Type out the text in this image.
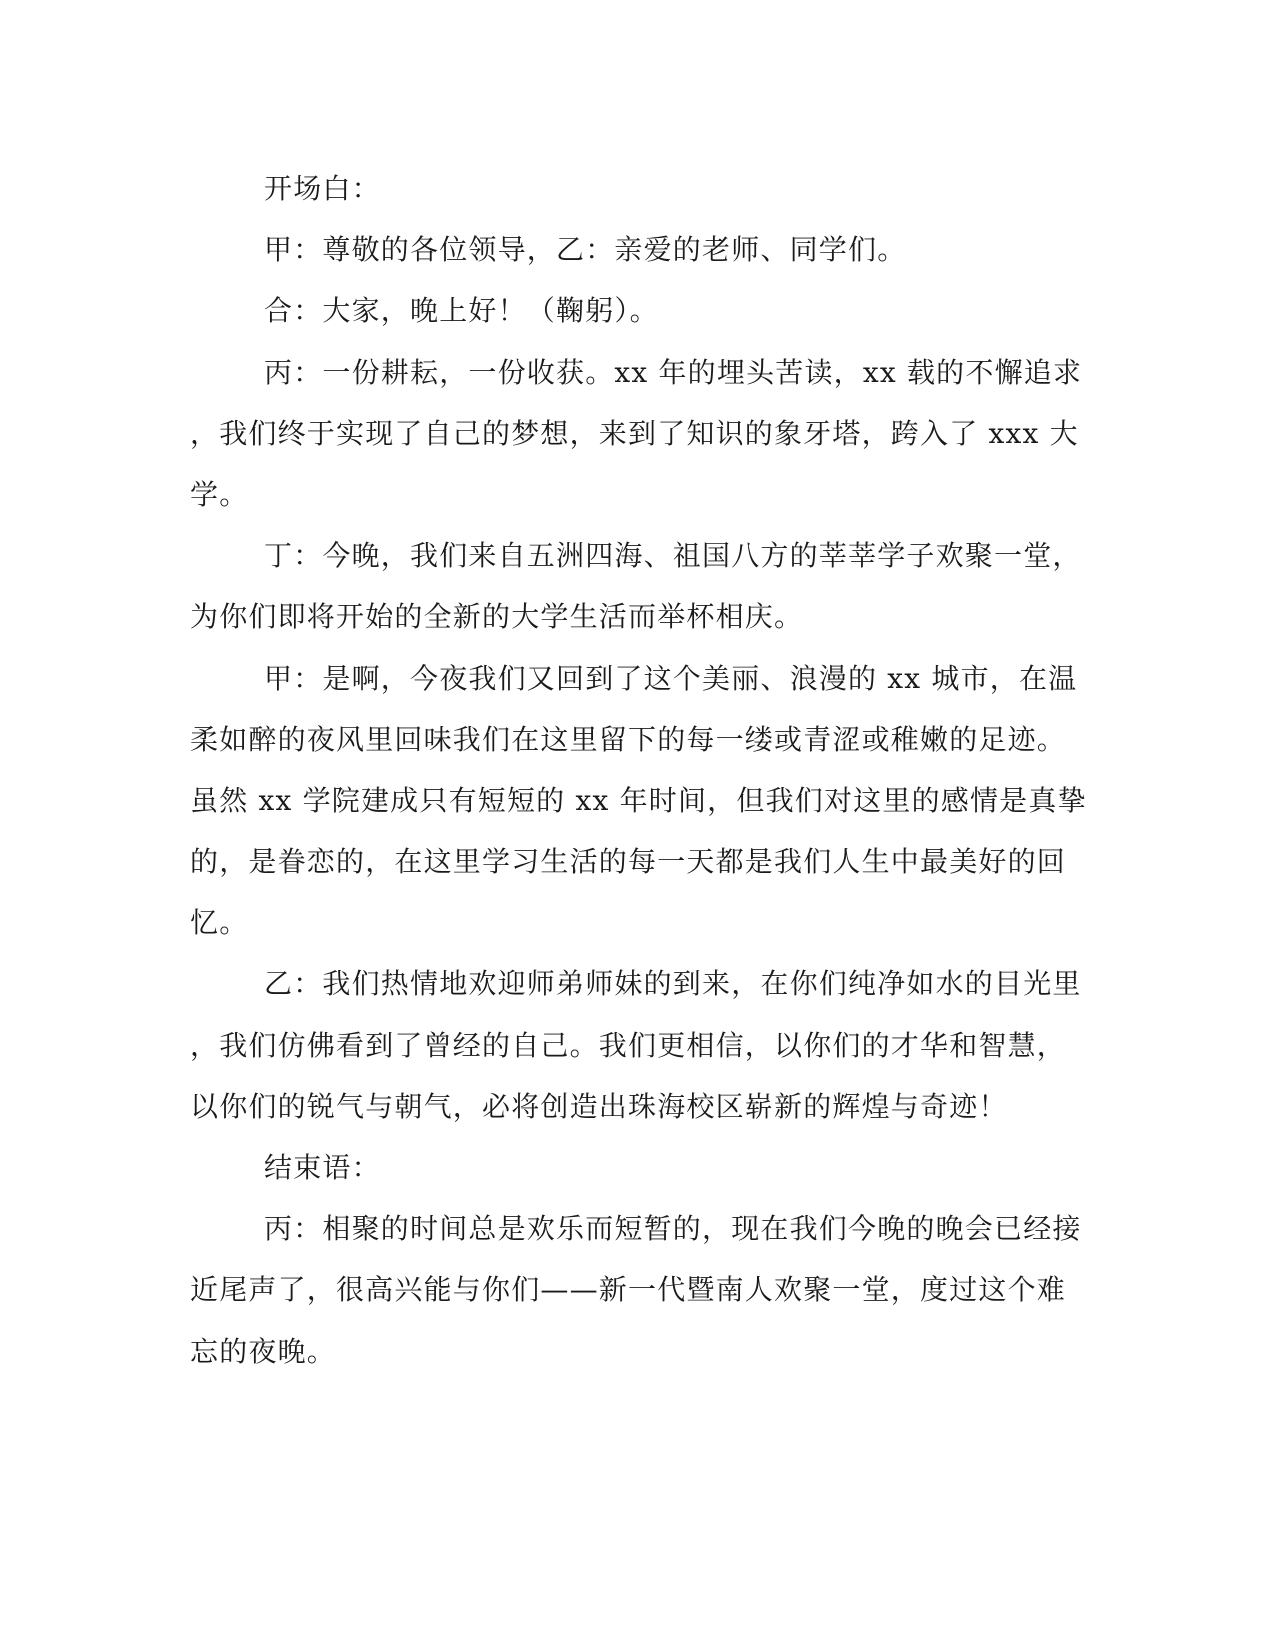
开场白：
甲：尊敬的各位领导，乙：亲爱的老师、同学们。
合：大家，晚上好！（鞠躬）。
丙：一份耕耘，一份收获。xx 年的埋头苦读，xx 载的不懈追求
，我们终于实现了自己的梦想，来到了知识的象牙塔，跨入了 xxx 大
学。
丁：今晚，我们来自五洲四海、祖国八方的莘莘学子欢聚一堂，
为你们即将开始的全新的大学生活而举杯相庆。
甲：是啊，今夜我们又回到了这个美丽、浪漫的 xx 城市，在温
柔如醉的夜风里回味我们在这里留下的每一缕或青涩或稚嫩的足迹。
虽然 xx 学院建成只有短短的 xx 年时间，但我们对这里的感情是真挚
的，是眷恋的，在这里学习生活的每一天都是我们人生中最美好的回
忆。
乙：我们热情地欢迎师弟师妹的到来，在你们纯净如水的目光里
，我们仿佛看到了曾经的自己。我们更相信，以你们的才华和智慧，
以你们的锐气与朝气，必将创造出珠海校区崭新的辉煌与奇迹！
结束语：
丙：相聚的时间总是欢乐而短暂的，现在我们今晚的晚会已经接
近尾声了，很高兴能与你们——新一代暨南人欢聚一堂，度过这个难
忘的夜晚。
